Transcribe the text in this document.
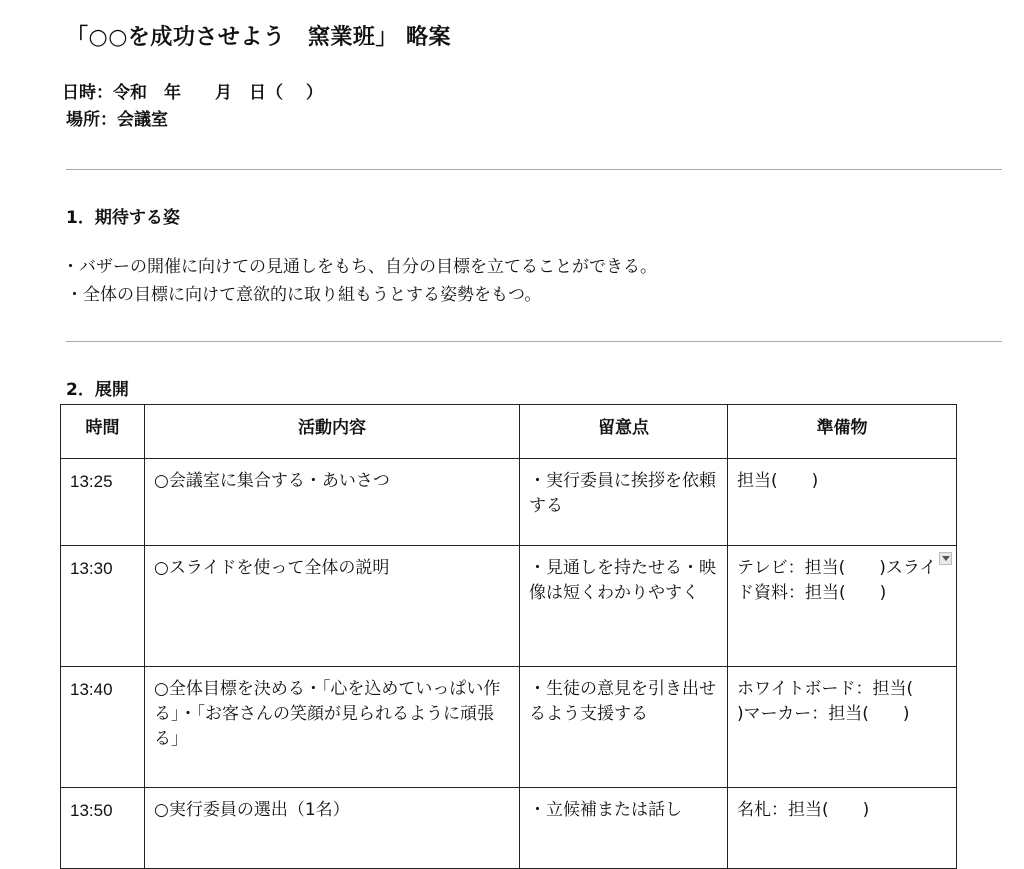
「○○を成功させよう　窯業班」 略案
日時：令和　年　　月　日（　 ）
場所：会議室
1．期待する姿
・バザーの開催に向けての見通しをもち、自分の目標を立てることができる。
・全体の目標に向けて意欲的に取り組もうとする姿勢をもつ。
2．展開
時間	活動内容	留意点	準備物
13:25	○会議室に集合する・あいさつ	・実行委員に挨拶を依頼する	担当(　　)
13:30	○スライドを使って全体の説明	・見通しを持たせる・映像は短くわかりやすく	テレビ：担当(　　)スライド資料：担当(　　)

13:40	○全体目標を決める・「心を込めていっぱい作る」・「お客さんの笑顔が見られるように頑張る」	・生徒の意見を引き出せるよう支援する	ホワイトボード：担当(　　)マーカー：担当(　　)
13:50	○実行委員の選出（1名）	・立候補または話し	名札：担当(　　)
